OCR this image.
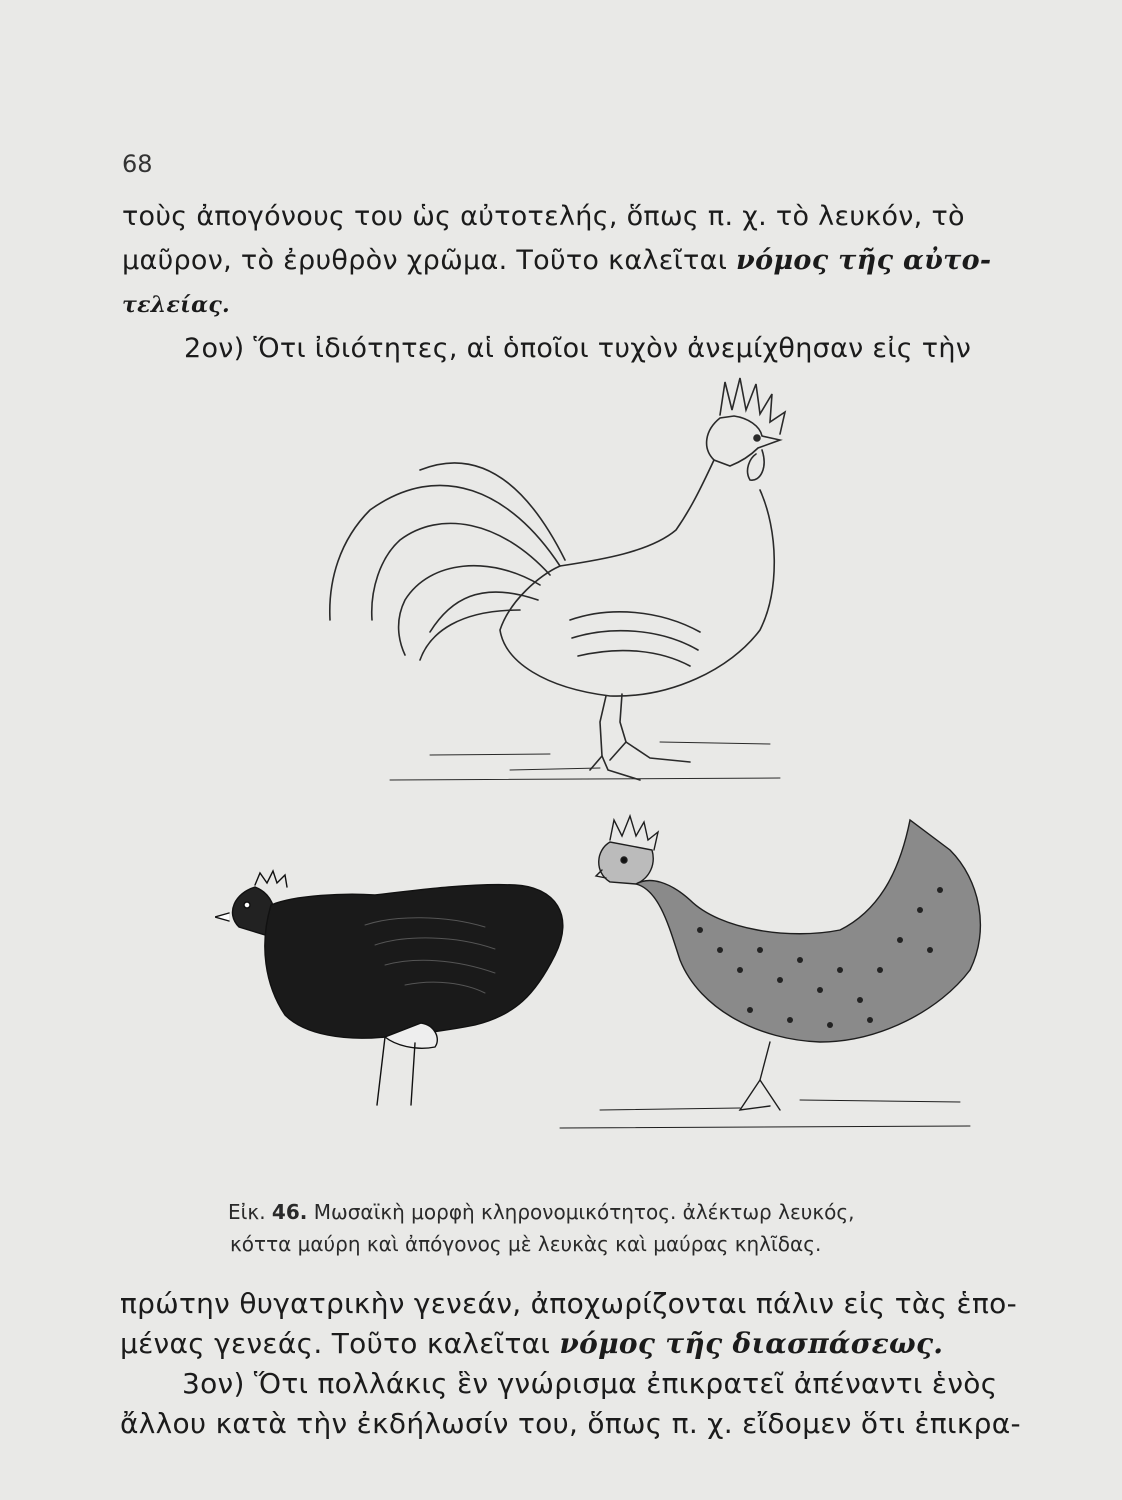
68
τοὺς ἀπογόνους του ὡς αὐτοτελής, ὅπως π. χ. τὸ λευκόν, τὸ
μαῦρον, τὸ ἐρυθρὸν χρῶμα. Τοῦτο καλεῖται νόμος τῆς αὐτο-
τελείας.
2ον) Ὅτι ἰδιότητες, αἱ ὁποῖοι τυχὸν ἀνεμίχθησαν εἰς τὴν
Εἰκ. 46. Μωσαϊκὴ μορφὴ κληρονομικότητος. ἀλέκτωρ λευκός,
κόττα μαύρη καὶ ἀπόγονος μὲ λευκὰς καὶ μαύρας κηλῖδας.
πρώτην θυγατρικὴν γενεάν, ἀποχωρίζονται πάλιν εἰς τὰς ἑπο-
μένας γενεάς. Τοῦτο καλεῖται νόμος τῆς διασπάσεως.
3ον) Ὅτι πολλάκις ἓν γνώρισμα ἐπικρατεῖ ἀπέναντι ἑνὸς
ἄλλου κατὰ τὴν ἐκδήλωσίν του, ὅπως π. χ. εἴδομεν ὅτι ἐπικρα-
